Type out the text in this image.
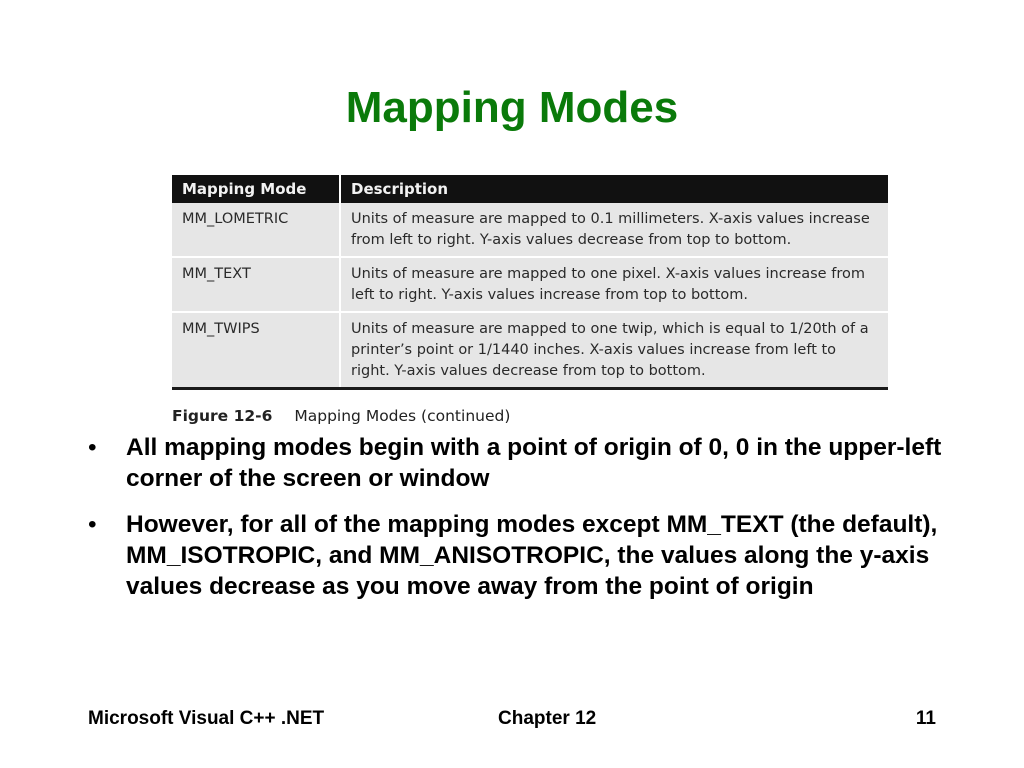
Mapping Modes
Mapping Mode	Description
MM_LOMETRIC	Units of measure are mapped to 0.1 millimeters. X-axis values increase from left to right. Y-axis values decrease from top to bottom.
MM_TEXT	Units of measure are mapped to one pixel. X-axis values increase from left to right. Y-axis values increase from top to bottom.
MM_TWIPS	Units of measure are mapped to one twip, which is equal to 1/20th of a printer’s point or 1/1440 inches. X-axis values increase from left to right. Y-axis values decrease from top to bottom.
Figure 12-6 Mapping Modes (continued)
• All mapping modes begin with a point of origin of 0, 0 in the upper-left corner of the screen or window
• However, for all of the mapping modes except MM_TEXT (the default), MM_ISOTROPIC, and MM_ANISOTROPIC, the values along the y-axis values decrease as you move away from the point of origin
Microsoft Visual C++ .NET	Chapter 12	11
